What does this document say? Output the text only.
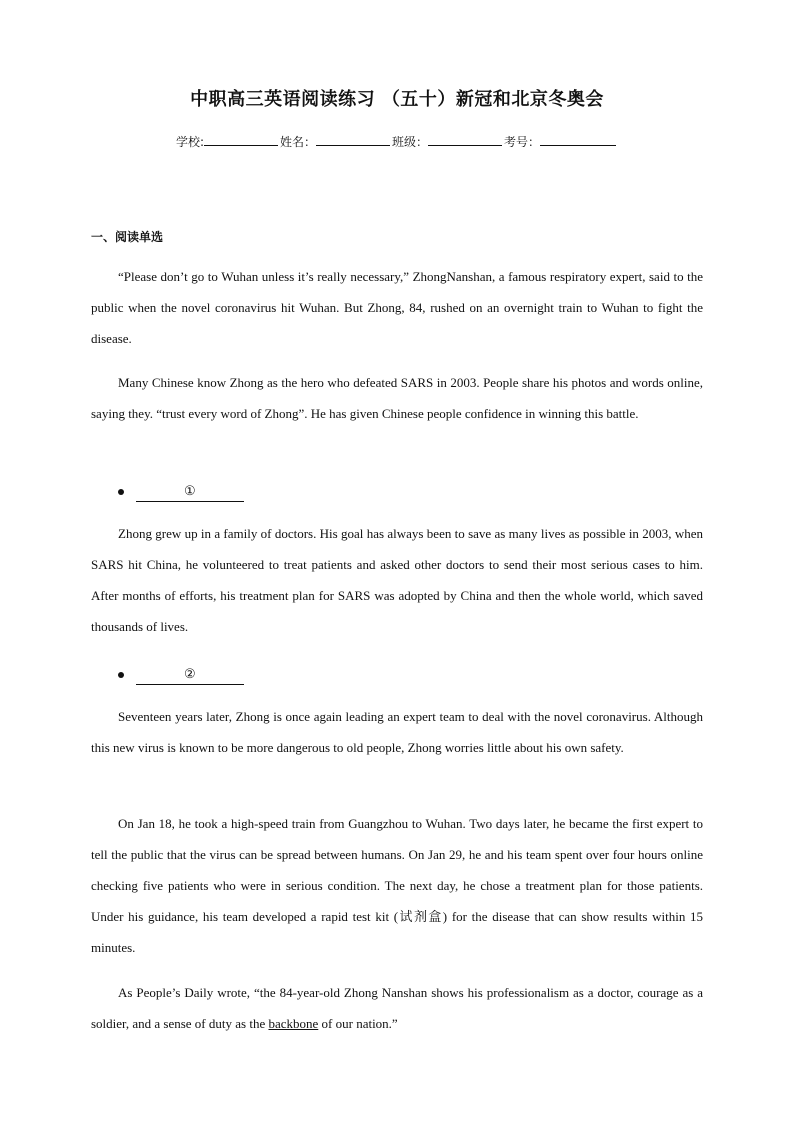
中职高三英语阅读练习 （五十）新冠和北京冬奥会
学校:	姓名：	班级：	考号：
一、阅读单选
“Please don’t go to Wuhan unless it’s really necessary,” ZhongNanshan, a famous respiratory expert, said to the public when the novel coronavirus hit Wuhan. But Zhong, 84, rushed on an overnight train to Wuhan to fight the disease.
Many Chinese know Zhong as the hero who defeated SARS in 2003. People share his photos and words online, saying they. “trust every word of Zhong”. He has given Chinese people confidence in winning this battle.
①
Zhong grew up in a family of doctors. His goal has always been to save as many lives as possible in 2003, when SARS hit China, he volunteered to treat patients and asked other doctors to send their most serious cases to him. After months of efforts, his treatment plan for SARS was adopted by China and then the whole world, which saved thousands of lives.
②
Seventeen years later, Zhong is once again leading an expert team to deal with the novel coronavirus. Although this new virus is known to be more dangerous to old people, Zhong worries little about his own safety.
On Jan 18, he took a high-speed train from Guangzhou to Wuhan. Two days later, he became the first expert to tell the public that the virus can be spread between humans. On Jan 29, he and his team spent over four hours online checking five patients who were in serious condition. The next day, he chose a treatment plan for those patients. Under his guidance, his team developed a rapid test kit (试剂盒) for the disease that can show results within 15 minutes.
As People’s Daily wrote, “the 84-year-old Zhong Nanshan shows his professionalism as a doctor, courage as a soldier, and a sense of duty as the backbone of our nation.”
